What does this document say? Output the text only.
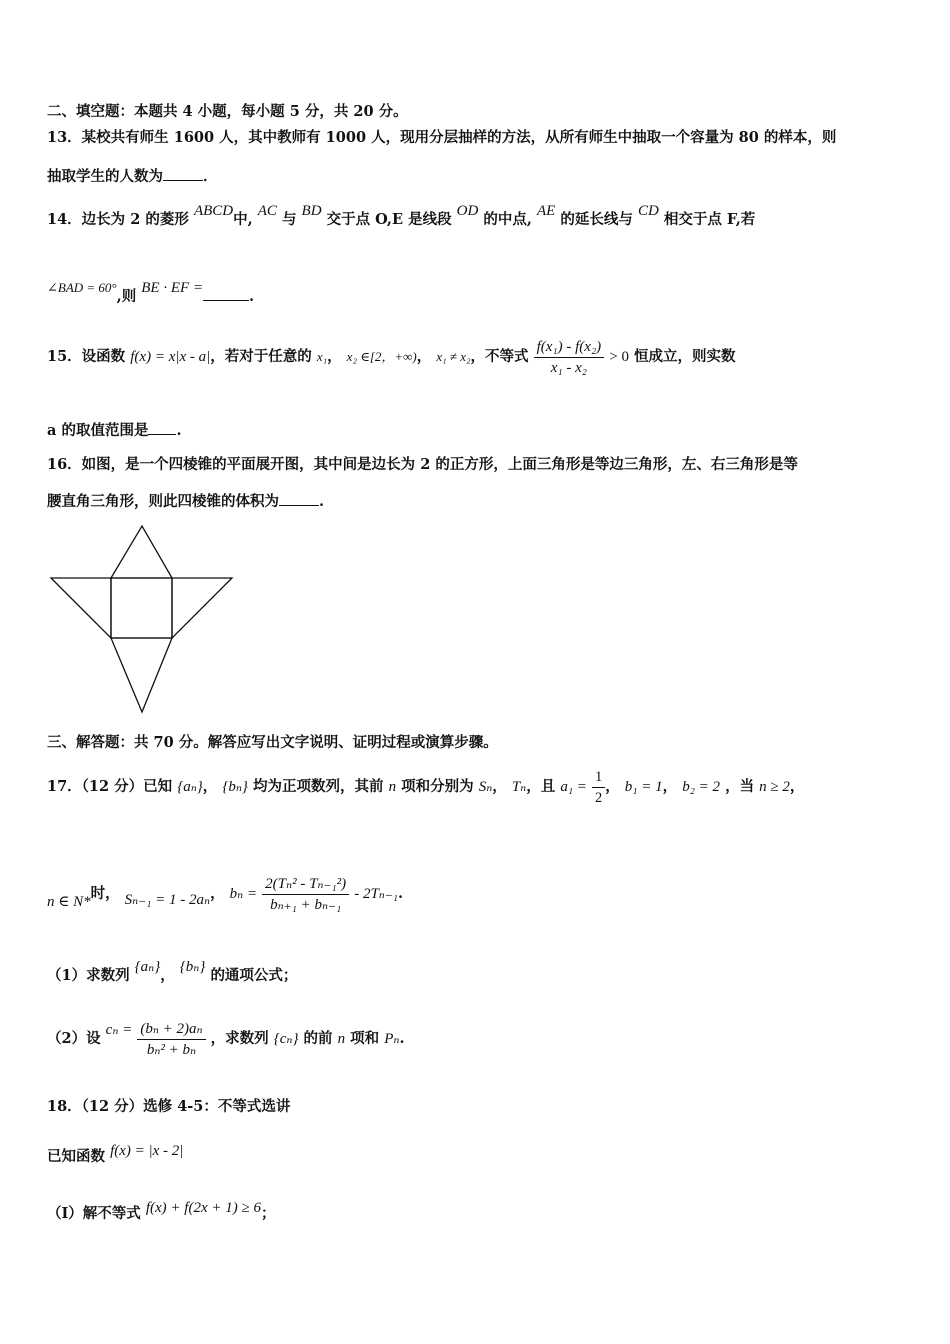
二、填空题：本题共 4 小题，每小题 5 分，共 20 分。
13．某校共有师生 1600 人，其中教师有 1000 人，现用分层抽样的方法，从所有师生中抽取一个容量为 80 的样本，则
抽取学生的人数为	．
14．边长为 2 的菱形 ABCD中, AC 与 BD 交于点 O,E 是线段 OD 的中点, AE 的延长线与 CD 相交于点 F,若
∠BAD = 60°,则 BE · EF =	.
15．设函数 f(x) = x|x - a|，若对于任意的 x₁， x₂ ∈[2，+∞)， x₁ ≠ x₂，不等式 $\frac{\text{f(x₁) - f(x₂)}}{\text{x₁ - x₂}} > 0$ 恒成立，则实数
a 的取值范围是 .
16．如图，是一个四棱锥的平面展开图，其中间是边长为 2 的正方形，上面三角形是等边三角形，左、右三角形是等
腰直角三角形，则此四棱锥的体积为	.
三、解答题：共 70 分。解答应写出文字说明、证明过程或演算步骤。
17．（12 分）已知 {aₙ}， {bₙ} 均为正项数列，其前 n 项和分别为 Sₙ， Tₙ，且 $a_1 = \frac{1}{2}$ ， b₁ = 1， b₂ = 2 ，当 n ≥ 2，
n ∈ N*时， Sₙ₋₁ = 1 - 2aₙ， $b_n = \frac{\text{2(Tₙ² - Tₙ₋₁²)}}{\text{bₙ₊₁ + bₙ₋₁}} - 2T_{n-1}$.
（1）求数列 {aₙ}， {bₙ} 的通项公式；
（2）设 $c_n = \frac{\text{(bₙ + 2)aₙ}}{\text{bₙ² + bₙ}}$ ，求数列 {cₙ} 的前 n 项和 Pₙ.
18．（12 分）选修 4-5：不等式选讲
已知函数 f(x) = |x - 2|
（I）解不等式 f(x) + f(2x + 1) ≥ 6；
